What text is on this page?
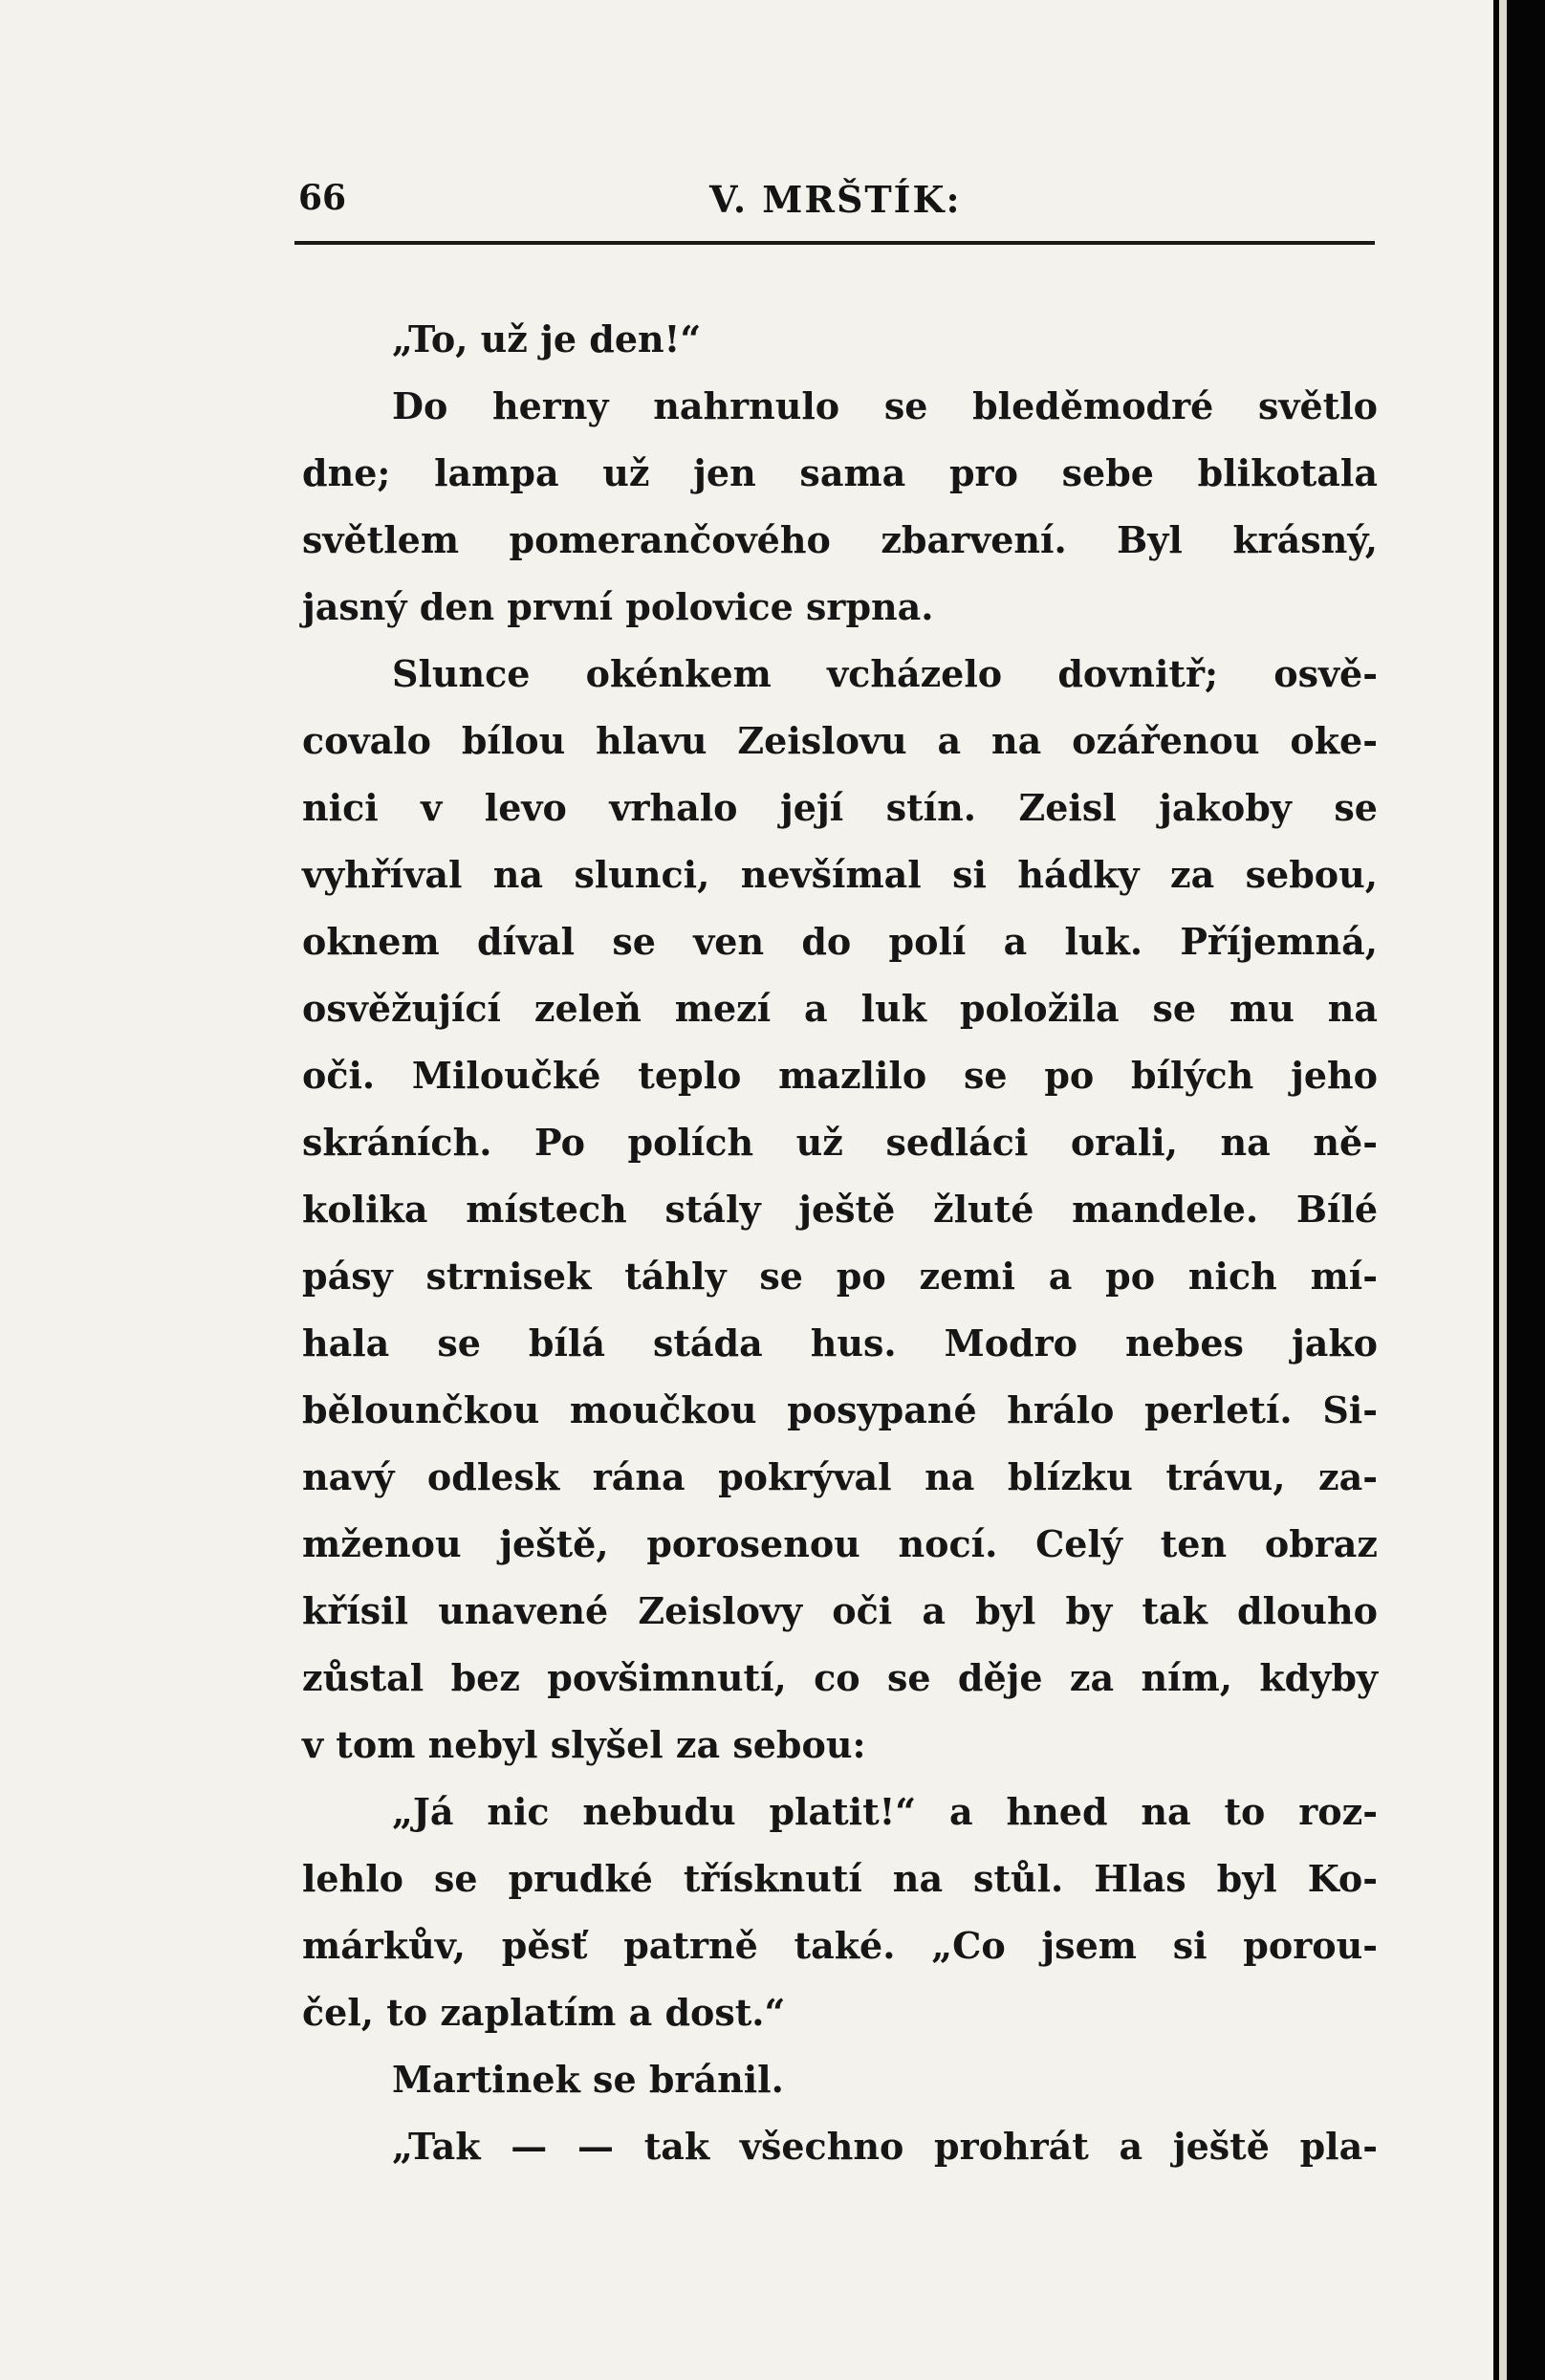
66	V. MRŠTÍK:
„To, už je den!“
Do herny nahrnulo se bleděmodré světlo
dne; lampa už jen sama pro sebe blikotala
světlem pomerančového zbarvení. Byl krásný,
jasný den první polovice srpna.
Slunce okénkem vcházelo dovnitř; osvě-
covalo bílou hlavu Zeislovu a na ozářenou oke-
nici v levo vrhalo její stín. Zeisl jakoby se
vyhříval na slunci, nevšímal si hádky za sebou,
oknem díval se ven do polí a luk. Příjemná,
osvěžující zeleň mezí a luk položila se mu na
oči. Miloučké teplo mazlilo se po bílých jeho
skráních. Po polích už sedláci orali, na ně-
kolika místech stály ještě žluté mandele. Bílé
pásy strnisek táhly se po zemi a po nich mí-
hala se bílá stáda hus. Modro nebes jako
bělounčkou moučkou posypané hrálo perletí. Si-
navý odlesk rána pokrýval na blízku trávu, za-
mženou ještě, porosenou nocí. Celý ten obraz
křísil unavené Zeislovy oči a byl by tak dlouho
zůstal bez povšimnutí, co se děje za ním, kdyby
v tom nebyl slyšel za sebou:
„Já nic nebudu platit!“ a hned na to roz-
lehlo se prudké třísknutí na stůl. Hlas byl Ko-
márkův, pěsť patrně také. „Co jsem si porou-
čel, to zaplatím a dost.“
Martinek se bránil.
„Tak — — tak všechno prohrát a ještě pla-
